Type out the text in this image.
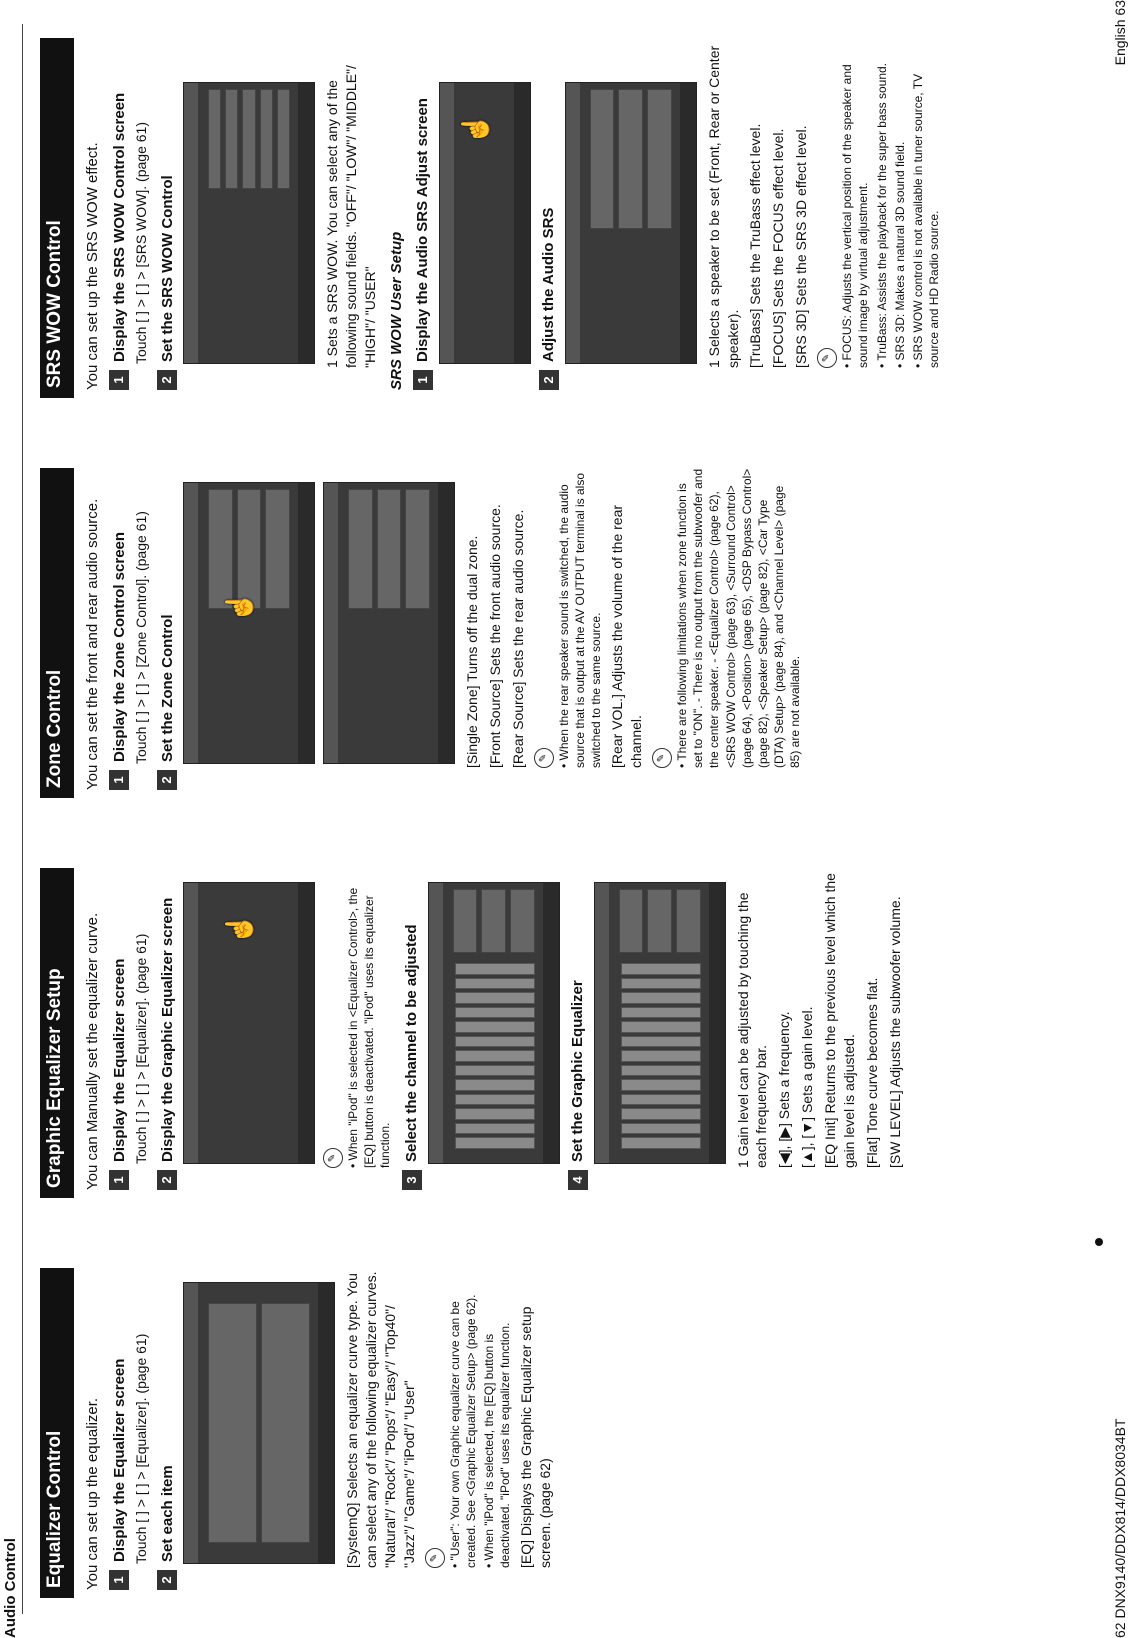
Audio Control
Equalizer Control	You can set up the equalizer. 1
Display the Equalizer screen Touch [ ] > [ ] > [Equalizer]. (page 61)
2
Set each item	[SystemQ] Selects an equalizer curve type. You can select any of the following equalizer curves. "Natural"/ "Rock"/ "Pops"/ "Easy"/ "Top40"/ "Jazz"/ "Game"/ "iPod"/ "User"	✎ • "User": Your own Graphic equalizer curve can be created. See <Graphic Equalizer Setup> (page 62). • When "iPod" is selected, the [EQ] button is deactivated. "iPod" uses its equalizer function. [EQ] Displays the Graphic Equalizer setup screen. (page 62)
Graphic Equalizer Setup	You can Manually set the equalizer curve. 1
Display the Equalizer screen Touch [ ] > [ ] > [Equalizer]. (page 61)
2
Display the Graphic Equalizer screen ☝
✎ • When "iPod" is selected in <Equalizer Control>, the [EQ] button is deactivated. "iPod" uses its equalizer function.
3
Select the channel to be adjusted
4
Set the Graphic Equalizer	1 Gain level can be adjusted by touching the each frequency bar. [◀], [▶] Sets a frequency. [▲], [▼] Sets a gain level. [EQ Init] Returns to the previous level which the gain level is adjusted. [Flat] Tone curve becomes flat. [SW LEVEL] Adjusts the subwoofer volume.
Zone Control	You can set the front and rear audio source. 1
Display the Zone Control screen Touch [ ] > [ ] > [Zone Control]. (page 61)
2
Set the Zone Control
☝	[Single Zone] Turns off the dual zone. [Front Source] Sets the front audio source. [Rear Source] Sets the rear audio source.	✎ • When the rear speaker sound is switched, the audio source that is output at the AV OUTPUT terminal is also switched to the same source. [Rear VOL.] Adjusts the volume of the rear channel.	✎ • There are following limitations when zone function is set to "ON". - There is no output from the subwoofer and the center speaker. - <Equalizer Control> (page 62), <SRS WOW Control> (page 63), <Surround Control> (page 64), <Position> (page 65), <DSP Bypass Control> (page 82), <Speaker Setup> (page 82), <Car Type (DTA) Setup> (page 84), and <Channel Level> (page 85) are not available.
SRS WOW Control	You can set up the SRS WOW effect. 1
Display the SRS WOW Control screen Touch [ ] > [ ] > [SRS WOW]. (page 61)
2
Set the SRS WOW Control	1 Sets a SRS WOW. You can select any of the following sound fields. "OFF"/ "LOW"/ "MIDDLE"/ "HIGH"/ "USER" SRS WOW User Setup 1
Display the Audio SRS Adjust screen ☝
2
Adjust the Audio SRS	1 Selects a speaker to be set (Front, Rear or Center speaker). [TruBass] Sets the TruBass effect level. [FOCUS] Sets the FOCUS effect level. [SRS 3D] Sets the SRS 3D effect level.	✎ • FOCUS: Adjusts the vertical position of the speaker and sound image by virtual adjustment. • TruBass: Assists the playback for the super bass sound. • SRS 3D: Makes a natural 3D sound field. • SRS WOW control is not available in tuner source, TV source and HD Radio source.
62 DNX9140/DDX814/DDX8034BT
English 63
